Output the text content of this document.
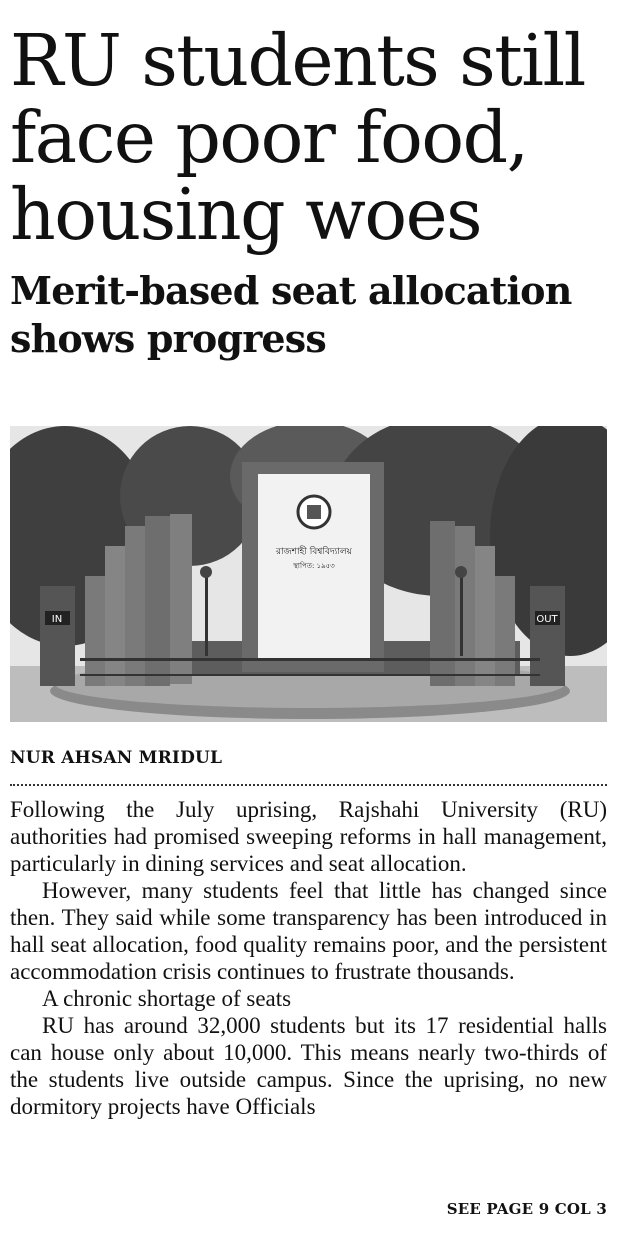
RU students still
face poor food,
housing woes
Merit-based seat allocation
shows progress
IN	OUT
রাজশাহী বিশ্ববিদ্যালয়
স্থাপিত: ১৯৫৩
NUR AHSAN MRIDUL

Following the July uprising, Rajshahi University (RU) authorities had promised sweeping reforms in hall management, particularly in dining services and seat allocation.

However, many students feel that little has changed since then. They said while some transparency has been introduced in hall seat allocation, food quality remains poor, and the persistent accommodation crisis continues to frustrate thousands.

A chronic shortage of seats

RU has around 32,000 students but its 17 residential halls can house only about 10,000. This means nearly two-thirds of the students live outside campus. Since the uprising, no new dormitory projects have Officials

SEE PAGE 9 COL 3
